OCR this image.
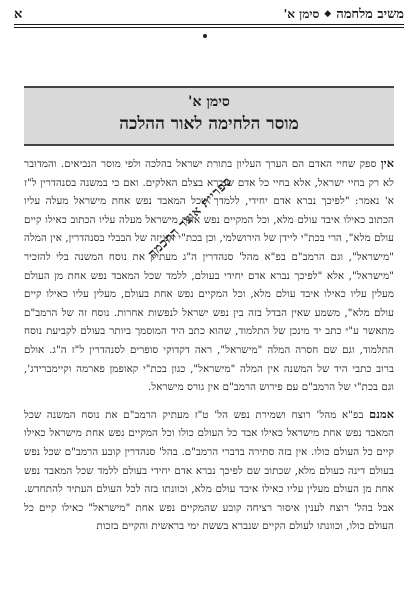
א	משיב מלחמה
◆
סימן א'
סימן א'
מוסר הלחימה לאור ההלכה

אין ספק שחיי האדם הם הערך העליון בתורת ישראל בהלכה ולפי מוסר הנביאים. והמדובר לא רק בחיי ישראל, אלא בחיי כל אדם שנברא בצלם האלקים. ואם כי במשנה בסנהדרין ל"ז א' נאמר: "לפיכך נברא אדם יחידי, ללמדך שכל המאבד נפש אחת מישראל מעלה עליו הכתוב כאילו איבד עולם מלא, וכל המקיים נפש אחת מישראל מעלה עליו הכתוב כאילו קיים עולם מלא", הרי בכת"י ליידן של הירושלמי, וכן בכת"י הגניזה של הבבלי בסנהדרין, אין המלה "מישראל", וגם הרמב"ם בפ"א מהל' סנהדרין ה"ג מעתיק את נוסח המשנה בלי להזכיר "מישראל", אלא "לפיכך נברא אדם יחידי בעולם, ללמד שכל המאבד נפש אחת מן העולם מעלין עליו כאילו איבד עולם מלא, וכל המקיים נפש אחת בעולם, מעלין עליו כאילו קיים עולם מלא", משמע שאין הבדל בזה בין נפש ישראל לנפשות אחרות. נוסח זה של הרמב"ם מתאשר ע"י כתב יד מינכן של התלמוד, שהוא כתב היד המוסמך ביותר בעולם לקביעת נוסח התלמוד, וגם שם חסרה המלה "מישראל", ראה דקדוקי סופרים לסנהדרין ל"ז ה"ג. אולם ברוב כתבי היד של המשנה אין המלה "מישראל", כגון בכת"י קאופמן פארמה וקיימברידג', וגם בכת"י של הרמב"ם עם פירוש הרמב"ם אין גורס מישראל.

אמנם בפ"א מהל' רוצח ושמירת נפש הל' ט"ז מעתיק הרמב"ם את נוסח המשנה שכל המאבד נפש אחת מישראל כאילו אבד כל העולם כולו וכל המקיים נפש אחת מישראל כאילו קיים כל העולם כולו. אין בזה סתירה בדברי הרמב"ם. בהל' סנהדרין קובע הרמב"ם שכל נפש בעולם דינה כעולם מלא, שכתוב שם לפיכך נברא אדם יחידי בעולם ללמד שכל המאבד נפש אחת מן העולם מעלין עליו כאילו איבד עולם מלא, וכוונתו בזה לכל העולם העתיד להתחדש. אבל בהל' רוצח לענין איסור רציחה קובע שהמקיים נפש אחת "מישראל" כאילו קיים כל העולם כולו, וכוונתו לעולם הקיים שנברא בששת ימי בראשית והקיים בזכות

ספריית אוצר החכמה
